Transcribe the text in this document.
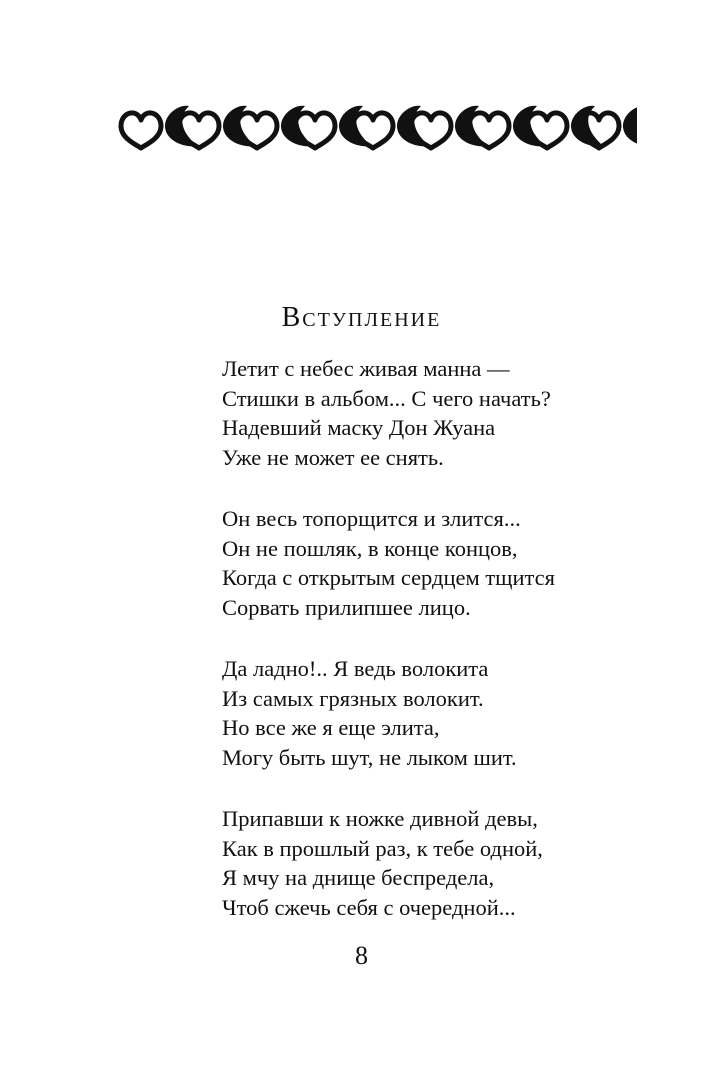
Вступление
Летит с небес живая манна —
Стишки в альбом... С чего начать?
Надевший маску Дон Жуана
Уже не может ее снять.
Он весь топорщится и злится...
Он не пошляк, в конце концов,
Когда с открытым сердцем тщится
Сорвать прилипшее лицо.
Да ладно!.. Я ведь волокита
Из самых грязных волокит.
Но все же я еще элита,
Могу быть шут, не лыком шит.
Припавши к ножке дивной девы,
Как в прошлый раз, к тебе одной,
Я мчу на днище беспредела,
Чтоб сжечь себя с очередной...
8
